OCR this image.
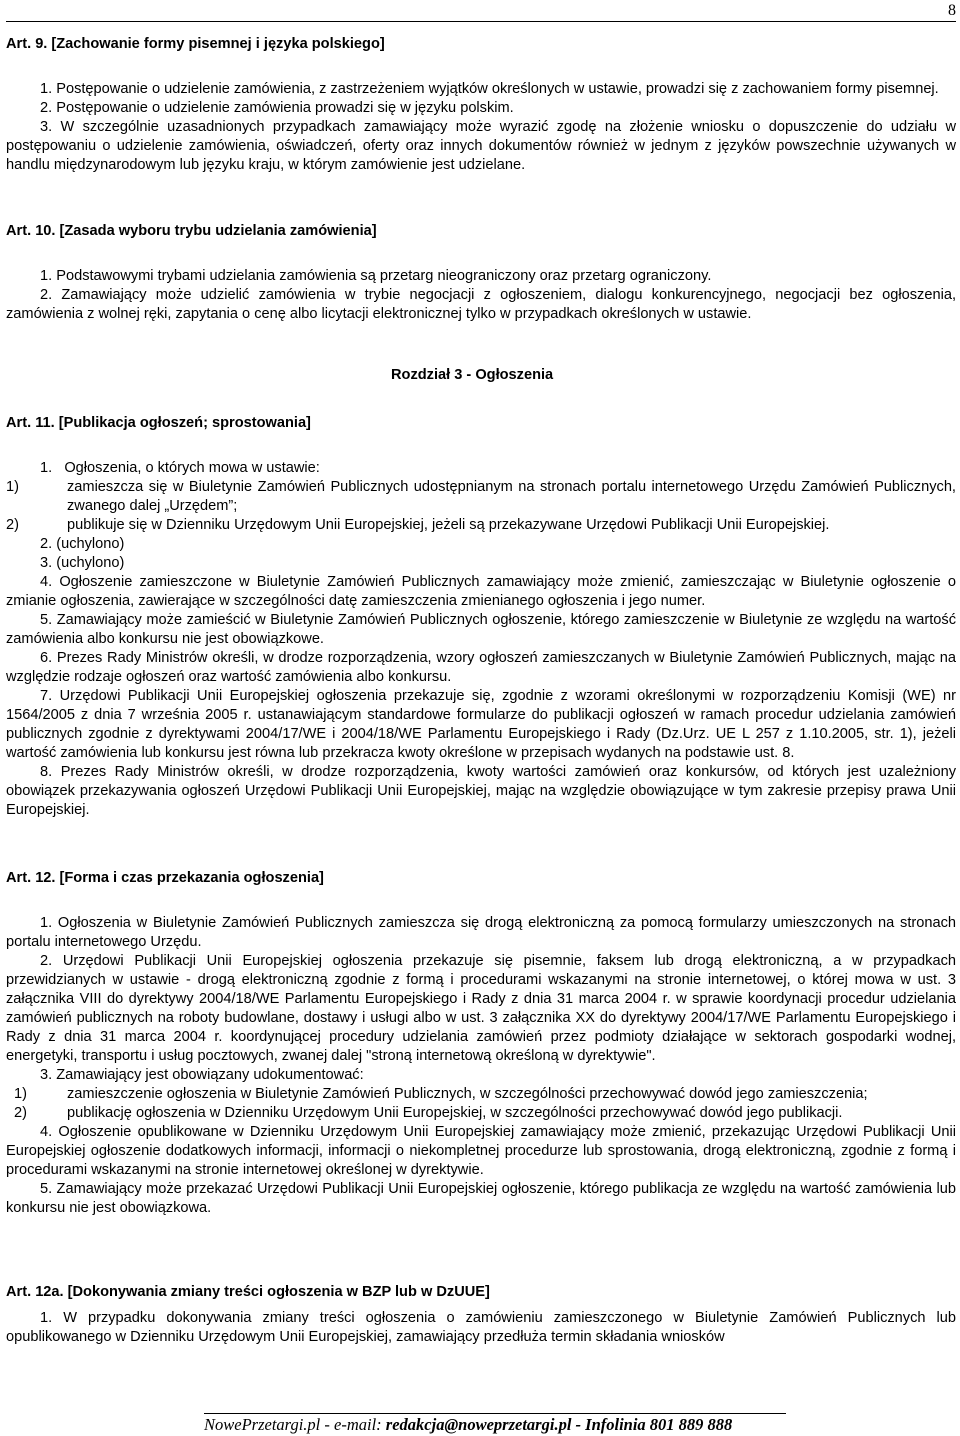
8
Art. 9. [Zachowanie formy pisemnej i języka polskiego]

1. Postępowanie o udzielenie zamówienia, z zastrzeżeniem wyjątków określonych w ustawie, prowadzi się z zachowaniem formy pisemnej.

2. Postępowanie o udzielenie zamówienia prowadzi się w języku polskim.

3. W szczególnie uzasadnionych przypadkach zamawiający może wyrazić zgodę na złożenie wniosku o dopuszczenie do udziału w postępowaniu o udzielenie zamówienia, oświadczeń, oferty oraz innych dokumentów również w jednym z języków powszechnie używanych w handlu międzynarodowym lub języku kraju, w którym zamówienie jest udzielane.

Art. 10. [Zasada wyboru trybu udzielania zamówienia]

1. Podstawowymi trybami udzielania zamówienia są przetarg nieograniczony oraz przetarg ograniczony.

2. Zamawiający może udzielić zamówienia w trybie negocjacji z ogłoszeniem, dialogu konkurencyjnego, negocjacji bez ogłoszenia, zamówienia z wolnej ręki, zapytania o cenę albo licytacji elektronicznej tylko w przypadkach określonych w ustawie.

Rozdział 3 - Ogłoszenia
Art. 11. [Publikacja ogłoszeń; sprostowania]

1.   Ogłoszenia, o których mowa w ustawie:

1)	zamieszcza się w Biuletynie Zamówień Publicznych udostępnianym na stronach portalu internetowego Urzędu Zamówień Publicznych, zwanego dalej „Urzędem”;
2)	publikuje się w Dzienniku Urzędowym Unii Europejskiej, jeżeli są przekazywane Urzędowi Publikacji Unii Europejskiej.

2. (uchylono)

3. (uchylono)

4. Ogłoszenie zamieszczone w Biuletynie Zamówień Publicznych zamawiający może zmienić, zamieszczając w Biuletynie ogłoszenie o zmianie ogłoszenia, zawierające w szczególności datę zamieszczenia zmienianego ogłoszenia i jego numer.

5. Zamawiający może zamieścić w Biuletynie Zamówień Publicznych ogłoszenie, którego zamieszczenie w Biuletynie ze względu na wartość zamówienia albo konkursu nie jest obowiązkowe.

6. Prezes Rady Ministrów określi, w drodze rozporządzenia, wzory ogłoszeń zamieszczanych w Biuletynie Zamówień Publicznych, mając na względzie rodzaje ogłoszeń oraz wartość zamówienia albo konkursu.

7. Urzędowi Publikacji Unii Europejskiej ogłoszenia przekazuje się, zgodnie z wzorami określonymi w rozporządzeniu Komisji (WE) nr 1564/2005 z dnia 7 września 2005 r. ustanawiającym standardowe formularze do publikacji ogłoszeń w ramach procedur udzielania zamówień publicznych zgodnie z dyrektywami 2004/17/WE i 2004/18/WE Parlamentu Europejskiego i Rady (Dz.Urz. UE L 257 z 1.10.2005, str. 1), jeżeli wartość zamówienia lub konkursu jest równa lub przekracza kwoty określone w przepisach wydanych na podstawie ust. 8.

8. Prezes Rady Ministrów określi, w drodze rozporządzenia, kwoty wartości zamówień oraz konkursów, od których jest uzależniony obowiązek przekazywania ogłoszeń Urzędowi Publikacji Unii Europejskiej, mając na względzie obowiązujące w tym zakresie przepisy prawa Unii Europejskiej.

Art. 12. [Forma i czas przekazania ogłoszenia]

1. Ogłoszenia w Biuletynie Zamówień Publicznych zamieszcza się drogą elektroniczną za pomocą formularzy umieszczonych na stronach portalu internetowego Urzędu.

2. Urzędowi Publikacji Unii Europejskiej ogłoszenia przekazuje się pisemnie, faksem lub drogą elektroniczną, a w przypadkach przewidzianych w ustawie - drogą elektroniczną zgodnie z formą i procedurami wskazanymi na stronie internetowej, o której mowa w ust. 3 załącznika VIII do dyrektywy 2004/18/WE Parlamentu Europejskiego i Rady z dnia 31 marca 2004 r. w sprawie koordynacji procedur udzielania zamówień publicznych na roboty budowlane, dostawy i usługi albo w ust. 3 załącznika XX do dyrektywy 2004/17/WE Parlamentu Europejskiego i Rady z dnia 31 marca 2004 r. koordynującej procedury udzielania zamówień przez podmioty działające w sektorach gospodarki wodnej, energetyki, transportu i usług pocztowych, zwanej dalej "stroną internetową określoną w dyrektywie".

3. Zamawiający jest obowiązany udokumentować:

1)	zamieszczenie ogłoszenia w Biuletynie Zamówień Publicznych, w szczególności przechowywać dowód jego zamieszczenia;
2)	publikację ogłoszenia w Dzienniku Urzędowym Unii Europejskiej, w szczególności przechowywać dowód jego publikacji.

4. Ogłoszenie opublikowane w Dzienniku Urzędowym Unii Europejskiej zamawiający może zmienić, przekazując Urzędowi Publikacji Unii Europejskiej ogłoszenie dodatkowych informacji, informacji o niekompletnej procedurze lub sprostowania, drogą elektroniczną, zgodnie z formą i procedurami wskazanymi na stronie internetowej określonej w dyrektywie.

5. Zamawiający może przekazać Urzędowi Publikacji Unii Europejskiej ogłoszenie, którego publikacja ze względu na wartość zamówienia lub konkursu nie jest obowiązkowa.

Art. 12a. [Dokonywania zmiany treści ogłoszenia w BZP lub w DzUUE]

1. W przypadku dokonywania zmiany treści ogłoszenia o zamówieniu zamieszczonego w Biuletynie Zamówień Publicznych lub opublikowanego w Dzienniku Urzędowym Unii Europejskiej, zamawiający przedłuża termin składania wniosków

NowePrzetargi.pl - e-mail: redakcja@noweprzetargi.pl - Infolinia 801 889 888
